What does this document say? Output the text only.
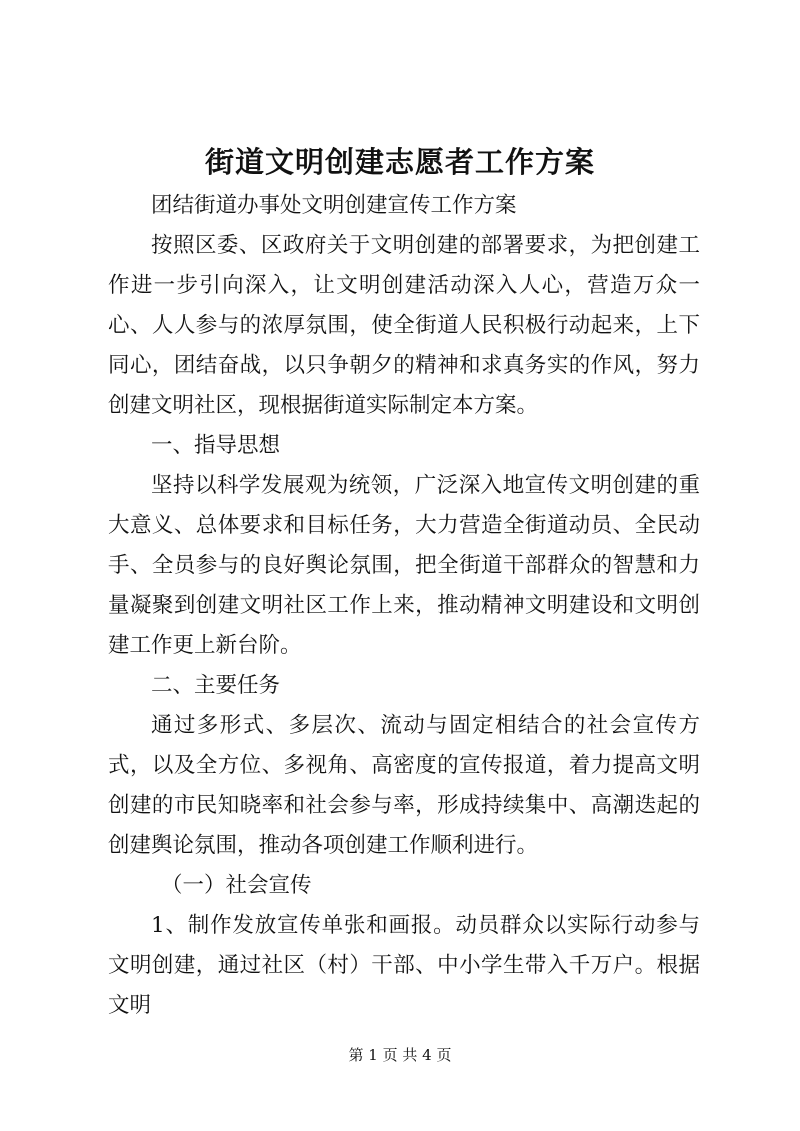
街道文明创建志愿者工作方案

团结街道办事处文明创建宣传工作方案

按照区委、区政府关于文明创建的部署要求，为把创建工作进一步引向深入，让文明创建活动深入人心，营造万众一心、人人参与的浓厚氛围，使全街道人民积极行动起来，上下同心，团结奋战，以只争朝夕的精神和求真务实的作风，努力创建文明社区，现根据街道实际制定本方案。

一、指导思想

坚持以科学发展观为统领，广泛深入地宣传文明创建的重大意义、总体要求和目标任务，大力营造全街道动员、全民动手、全员参与的良好舆论氛围，把全街道干部群众的智慧和力量凝聚到创建文明社区工作上来，推动精神文明建设和文明创建工作更上新台阶。

二、主要任务

通过多形式、多层次、流动与固定相结合的社会宣传方式，以及全方位、多视角、高密度的宣传报道，着力提高文明创建的市民知晓率和社会参与率，形成持续集中、高潮迭起的创建舆论氛围，推动各项创建工作顺利进行。

（一）社会宣传

1、制作发放宣传单张和画报。动员群众以实际行动参与文明创建，通过社区（村）干部、中小学生带入千万户。根据文明

第 1 页 共 4 页
